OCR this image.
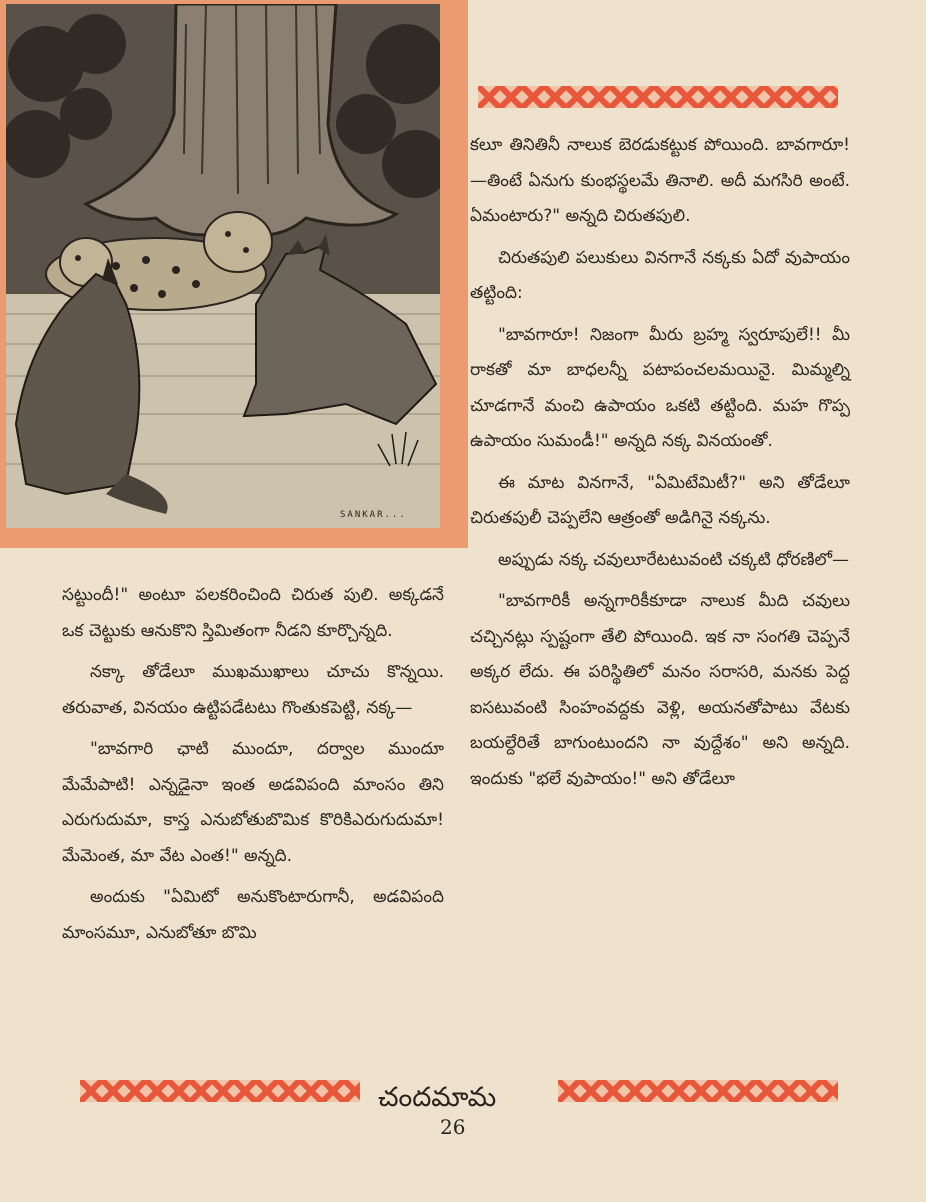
SANKAR...

కలూ తినితినీ నాలుక బెరడుకట్టుక పోయింది. బావగారూ!—తింటే ఏనుగు కుంభస్థలమే తినాలి. అదీ మగసిరి అంటే. ఏమంటారు?" అన్నది చిరుతపులి.

చిరుతపులి పలుకులు వినగానే నక్కకు ఏదో వుపాయం తట్టింది:

"బావగారూ! నిజంగా మీరు బ్రహ్మ స్వరూపులే!! మీ రాకతో మా బాధలన్నీ పటాపంచలమయినై. మిమ్మల్ని చూడగానే మంచి ఉపాయం ఒకటి తట్టింది. మహ గొప్ప ఉపాయం సుమండీ!" అన్నది నక్క వినయంతో.

ఈ మాట వినగానే, "ఏమిటేమిటీ?" అని తోడేలూ చిరుతపులీ చెప్పలేని ఆత్రంతో అడిగినై నక్కను.

అప్పుడు నక్క చవులూరేటటువంటి చక్కటి ధోరణిలో—

"బావగారికీ అన్నగారికీకూడా నాలుక మీది చవులు చచ్చినట్లు స్పష్టంగా తేలి పోయింది. ఇక నా సంగతి చెప్పనే అక్కర లేదు. ఈ పరిస్థితిలో మనం సరాసరి, మనకు పెద్ద ఐసటువంటి సింహంవద్దకు వెళ్లి, అయనతోపాటు వేటకు బయల్దేరితే బాగుంటుందని నా వుద్దేశం" అని అన్నది. ఇందుకు "భలే వుపాయం!" అని తోడేలూ

సట్టుందీ!" అంటూ పలకరించింది చిరుత పులి. అక్కడనే ఒక చెట్టుకు ఆనుకొని స్తిమితంగా నీడని కూర్చొన్నది.

నక్కా తోడేలూ ముఖముఖాలు చూచు కొన్నయి. తరువాత, వినయం ఉట్టిపడేటటు గొంతుకపెట్టి, నక్క—

"బావగారి ఛాటి ముందూ, దర్వాల ముందూ మేమేపాటి! ఎన్నడైనా ఇంత అడవిపంది మాంసం తిని ఎరుగుదుమా, కాస్త ఎనుబోతుబొమిక కొరికిఎరుగుదుమా! మేమెంత, మా వేట ఎంత!" అన్నది.

అందుకు "ఏమిటో అనుకొంటారుగానీ, అడవిపంది మాంసమూ, ఎనుబోతూ బొమి

చందమామ
26
